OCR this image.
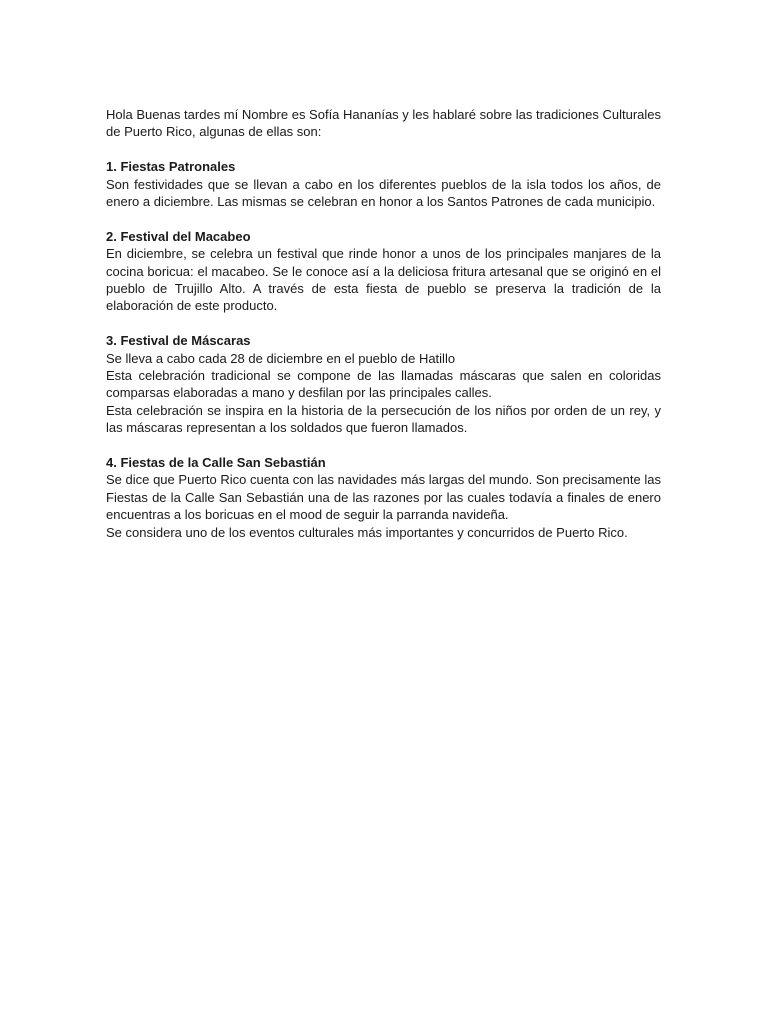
Hola Buenas tardes mí Nombre es Sofía Hananías y les hablaré sobre las tradiciones Culturales de Puerto Rico, algunas de ellas son:

1. Fiestas Patronales

Son festividades que se llevan a cabo en los diferentes pueblos de la isla todos los años, de enero a diciembre. Las mismas se celebran en honor a los Santos Patrones de cada municipio.

2. Festival del Macabeo

En diciembre, se celebra un festival que rinde honor a unos de los principales manjares de la cocina boricua: el macabeo. Se le conoce así a la deliciosa fritura artesanal que se originó en el pueblo de Trujillo Alto. A través de esta fiesta de pueblo se preserva la tradición de la elaboración de este producto.

3. Festival de Máscaras

Se lleva a cabo cada 28 de diciembre en el pueblo de Hatillo

Esta celebración tradicional se compone de las llamadas máscaras que salen en coloridas comparsas elaboradas a mano y desfilan por las principales calles.

Esta celebración se inspira en la historia de la persecución de los niños por orden de un rey, y las máscaras representan a los soldados que fueron llamados.

4. Fiestas de la Calle San Sebastián

Se dice que Puerto Rico cuenta con las navidades más largas del mundo. Son precisamente las Fiestas de la Calle San Sebastián una de las razones por las cuales todavía a finales de enero encuentras a los boricuas en el mood de seguir la parranda navideña.

Se considera uno de los eventos culturales más importantes y concurridos de Puerto Rico.
